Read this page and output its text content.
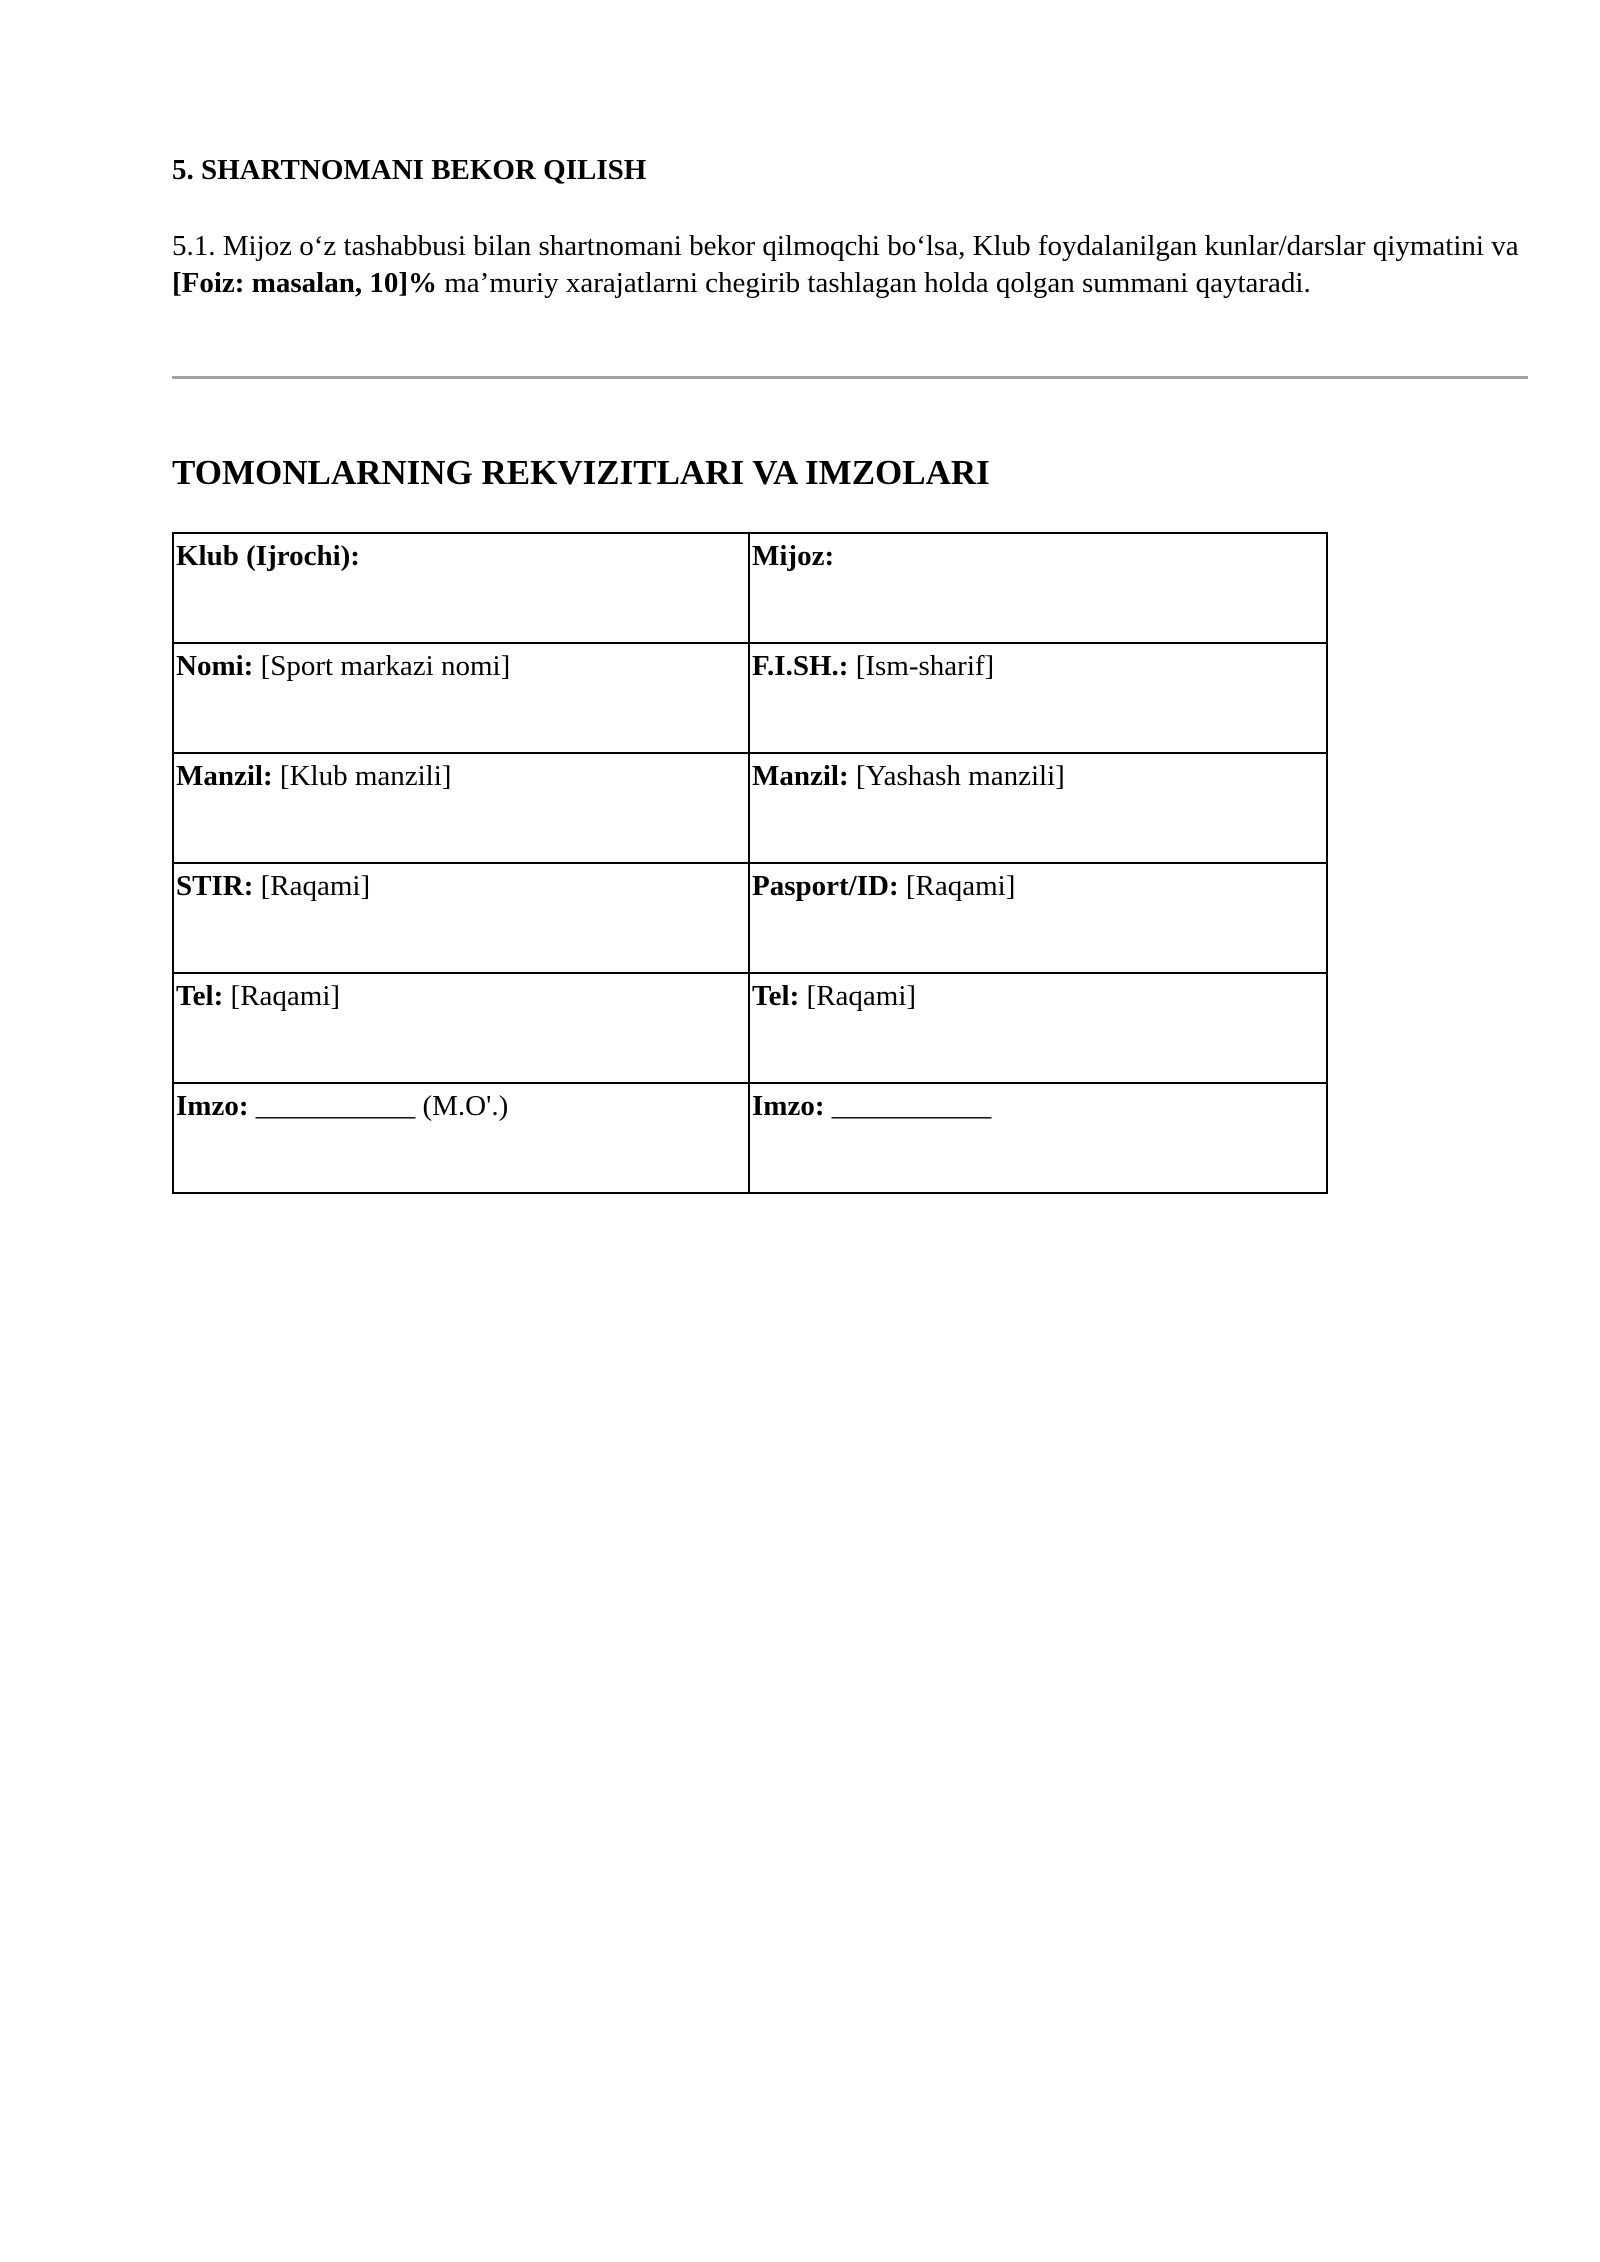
5. SHARTNOMANI BEKOR QILISH

5.1. Mijoz o‘z tashabbusi bilan shartnomani bekor qilmoqchi bo‘lsa, Klub foydalanilgan kunlar/darslar qiymatini va [Foiz: masalan, 10]% ma’muriy xarajatlarni chegirib tashlagan holda qolgan summani qaytaradi.

TOMONLARNING REKVIZITLARI VA IMZOLARI
Klub (Ijrochi):	Mijoz:
Nomi: [Sport markazi nomi]	F.I.SH.: [Ism-sharif]
Manzil: [Klub manzili]	Manzil: [Yashash manzili]
STIR: [Raqami]	Pasport/ID: [Raqami]
Tel: [Raqami]	Tel: [Raqami]
Imzo: ___________ (M.O'.)	Imzo: ___________
